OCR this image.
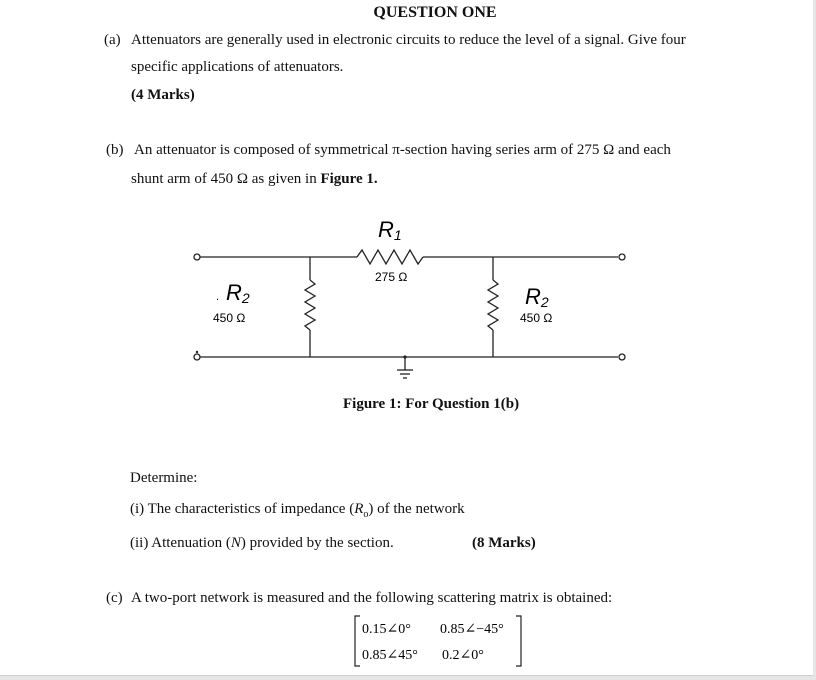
QUESTION ONE
(a) Attenuators are generally used in electronic circuits to reduce the level of a signal. Give four
specific applications of attenuators.
(4 Marks)
(b) An attenuator is composed of symmetrical π-section having series arm of 275 Ω and each
shunt arm of 450 Ω as given in Figure 1.
R1
275 Ω
. R2
450 Ω
R2
450 Ω
Figure 1: For Question 1(b)
Determine:
(i) The characteristics of impedance $(R_o)$ of the network
(ii) Attenuation (N) provided by the section.	(8 Marks)
(c) A two-port network is measured and the following scattering matrix is obtained:
0.15∠0° 0.85∠−45°
0.85∠45° 0.2∠0°
